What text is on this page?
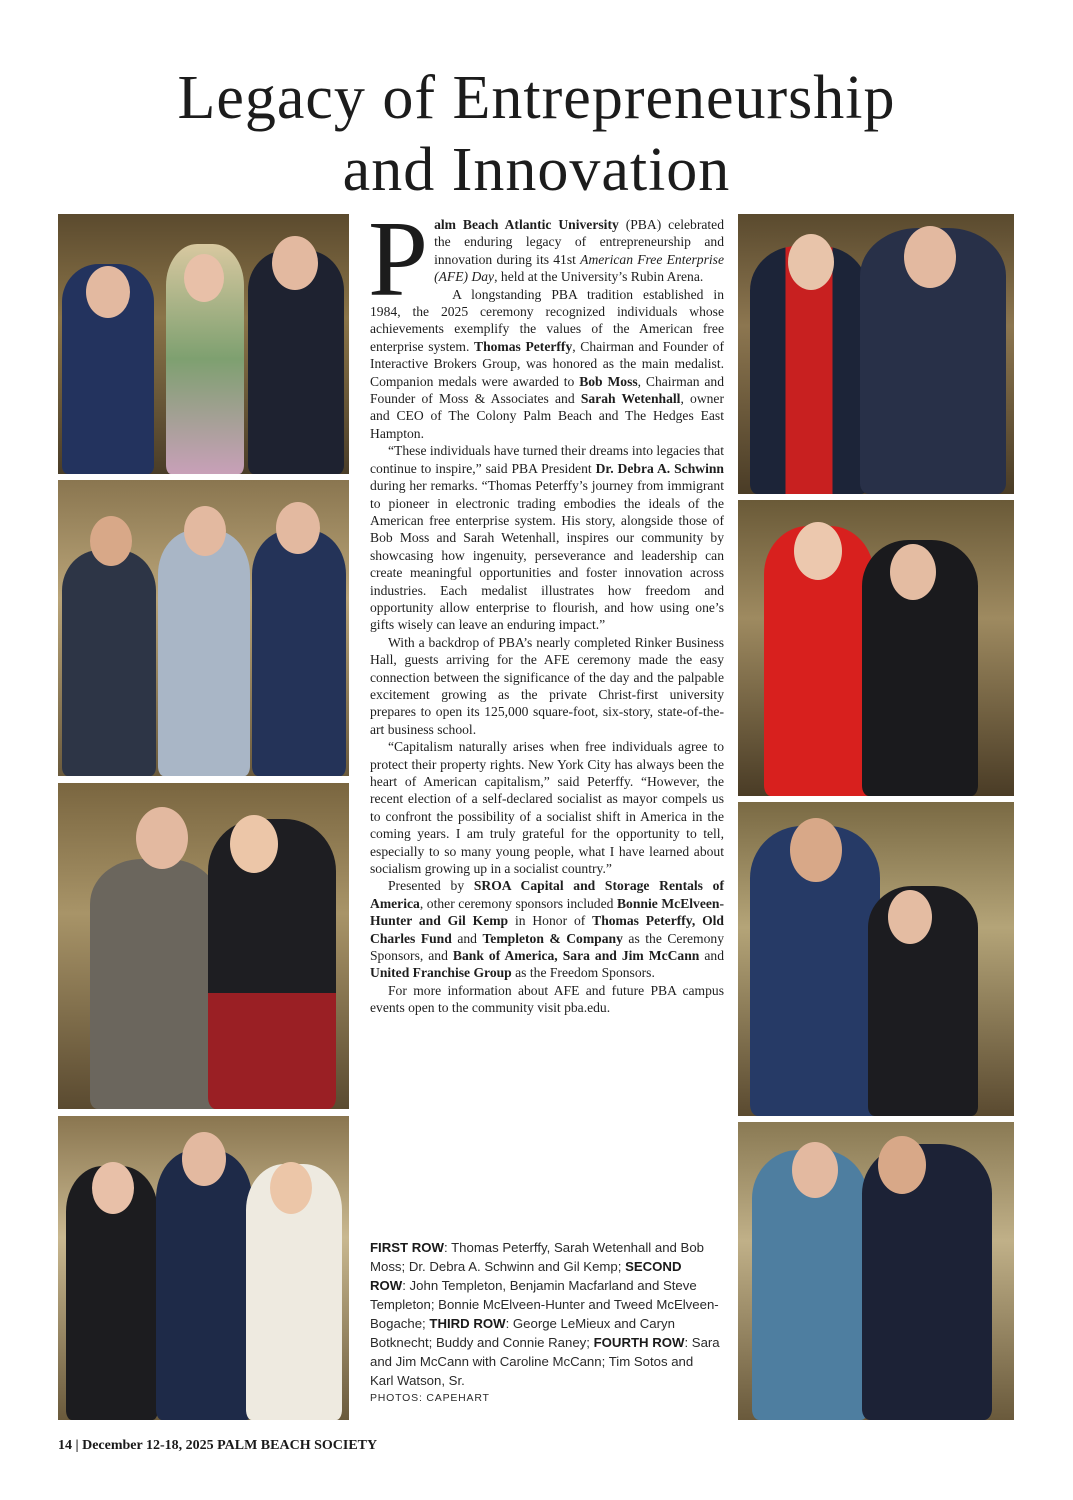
Legacy of Entrepreneurship
and Innovation

Palm Beach Atlantic University (PBA) celebrated the enduring legacy of entrepreneurship and innovation during its 41st American Free Enterprise (AFE) Day, held at the University’s Rubin Arena.

A longstanding PBA tradition established in 1984, the 2025 ceremony recognized individuals whose achievements exemplify the values of the American free enterprise system. Thomas Peterffy, Chairman and Founder of Interactive Brokers Group, was honored as the main medalist. Companion medals were awarded to Bob Moss, Chairman and Founder of Moss & Associates and Sarah Wetenhall, owner and CEO of The Colony Palm Beach and The Hedges East Hampton.

“These individuals have turned their dreams into legacies that continue to inspire,” said PBA President Dr. Debra A. Schwinn during her remarks. “Thomas Peterffy’s journey from immigrant to pioneer in electronic trading embodies the ideals of the American free enterprise system. His story, alongside those of Bob Moss and Sarah Wetenhall, inspires our community by showcasing how ingenuity, perseverance and leadership can create meaningful opportunities and foster innovation across industries. Each medalist illustrates how freedom and opportunity allow enterprise to flourish, and how using one’s gifts wisely can leave an enduring impact.”

With a backdrop of PBA’s nearly completed Rinker Business Hall, guests arriving for the AFE ceremony made the easy connection between the significance of the day and the palpable excitement growing as the private Christ-first university prepares to open its 125,000 square-foot, six-story, state-of-the-art business school.

“Capitalism naturally arises when free individuals agree to protect their property rights. New York City has always been the heart of American capitalism,” said Peterffy. “However, the recent election of a self-declared socialist as mayor compels us to confront the possibility of a socialist shift in America in the coming years. I am truly grateful for the opportunity to tell, especially to so many young people, what I have learned about socialism growing up in a socialist country.”

Presented by SROA Capital and Storage Rentals of America, other ceremony sponsors included Bonnie McElveen-Hunter and Gil Kemp in Honor of Thomas Peterffy, Old Charles Fund and Templeton & Company as the Ceremony Sponsors, and Bank of America, Sara and Jim McCann and United Franchise Group as the Freedom Sponsors.

For more information about AFE and future PBA campus events open to the community visit pba.edu.

FIRST ROW: Thomas Peterffy, Sarah Wetenhall and Bob Moss; Dr. Debra A. Schwinn and Gil Kemp; SECOND ROW: John Templeton, Benjamin Macfarland and Steve Templeton; Bonnie McElveen-Hunter and Tweed McElveen-Bogache; THIRD ROW: George LeMieux and Caryn Botknecht; Buddy and Connie Raney; FOURTH ROW: Sara and Jim McCann with Caroline McCann; Tim Sotos and Karl Watson, Sr.
PHOTOS: CAPEHART
14 | December 12-18, 2025 PALM BEACH SOCIETY
